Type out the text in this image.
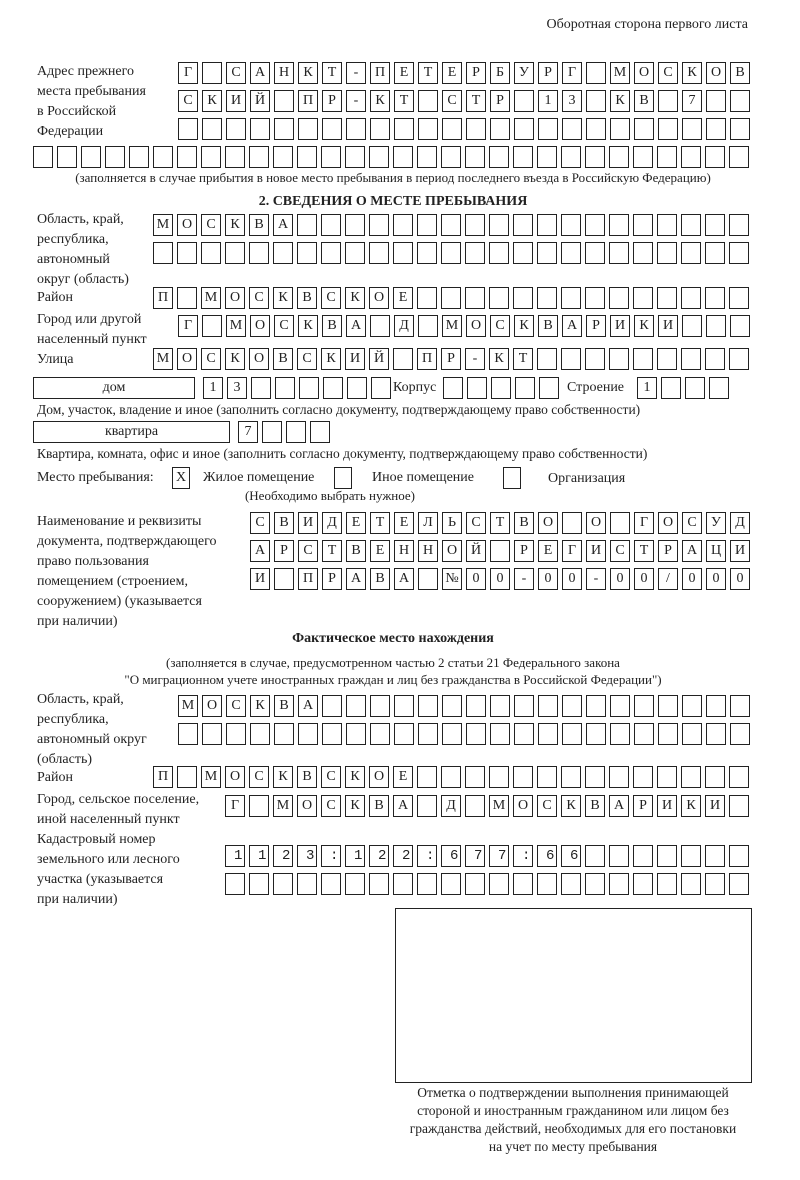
Оборотная сторона первого листа
Адрес прежнего
места пребывания
в Российской
Федерации
Г	С	А Н	К	Т	-	П	Е	Т	Е	Р	Б	У	Р	Г	М О	С	К	О	В
С	К	И Й	П	Р	-	К	Т	С	Т	Р	1	3	К	В	7
(заполняется в случае прибытия в новое место пребывания в период последнего въезда в Российскую Федерацию)
2. СВЕДЕНИЯ О МЕСТЕ ПРЕБЫВАНИЯ
Область, край,
республика,
автономный
округ (область)
М О	С	К	В	А
Район	П	М О	С	К	В	С	К	О	Е
Город или другой
населенный пункт
Г	М О	С	К	В	А	Д	М О	С	К	В	А	Р	И	К	И
Улица	М О	С	К	О	В	С	К	И Й	П	Р	-	К	Т
дом	1	3	Корпус	Строение	1
Дом, участок, владение и иное (заполнить согласно документу, подтверждающему право собственности)
квартира	7
Квартира, комната, офис и иное (заполнить согласно документу, подтверждающему право собственности)
Место пребывания: X Жилое помещение	Иное помещение	Организация
(Необходимо выбрать нужное)
Наименование и реквизиты
документа, подтверждающего
право пользования
помещением (строением,
сооружением) (указывается
при наличии)
С	В	И	Д	Е	Т	Е	Л	Ь	С	Т	В	О	О	Г	О	С	У	Д
А	Р	С	Т	В	Е	Н Н О Й	Р	Е	Г	И	С	Т	Р	А Ц И
И	П	Р	А	В	А	№ 0	0	-	0	0	-	0	0	/	0	0	0
Фактическое место нахождения
(заполняется в случае, предусмотренном частью 2 статьи 21 Федерального закона
"О миграционном учете иностранных граждан и лиц без гражданства в Российской Федерации")
Область, край,
республика,
автономный округ
(область)
М О	С	К	В	А
Район	П	М О	С	К	В	С	К	О	Е
Город, сельское поселение,
иной населенный пункт
Г	М О	С	К	В	А	Д	М О	С	К	В	А	Р	И	К	И
Кадастровый номер
земельного или лесного
участка (указывается
при наличии)
1123:122:677:66
Отметка о подтверждении выполнения принимающей
стороной и иностранным гражданином или лицом без
гражданства действий, необходимых для его постановки
на учет по месту пребывания
